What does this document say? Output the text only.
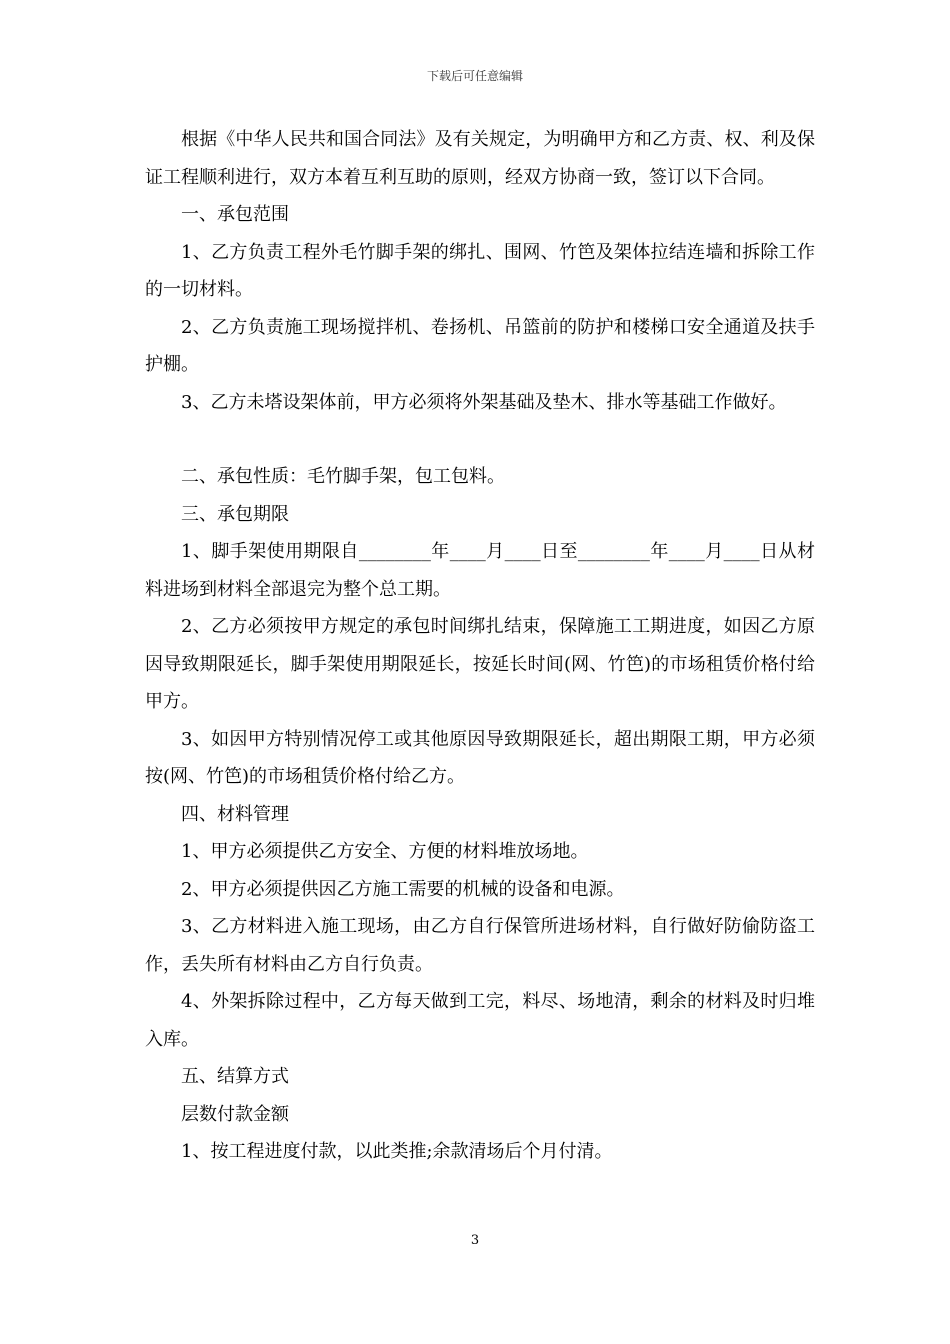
下载后可任意编辑

根据《中华人民共和国合同法》及有关规定，为明确甲方和乙方责、权、利及保证工程顺利进行，双方本着互利互助的原则，经双方协商一致，签订以下合同。

一、承包范围

1、乙方负责工程外毛竹脚手架的绑扎、围网、竹笆及架体拉结连墙和拆除工作的一切材料。

2、乙方负责施工现场搅拌机、卷扬机、吊篮前的防护和楼梯口安全通道及扶手护棚。

3、乙方未塔设架体前，甲方必须将外架基础及垫木、排水等基础工作做好。

二、承包性质：毛竹脚手架，包工包料。

三、承包期限

1、脚手架使用期限自________年____月____日至________年____月____日从材料进场到材料全部退完为整个总工期。

2、乙方必须按甲方规定的承包时间绑扎结束，保障施工工期进度，如因乙方原因导致期限延长，脚手架使用期限延长，按延长时间(网、竹笆)的市场租赁价格付给甲方。

3、如因甲方特别情况停工或其他原因导致期限延长，超出期限工期，甲方必须按(网、竹笆)的市场租赁价格付给乙方。

四、材料管理

1、甲方必须提供乙方安全、方便的材料堆放场地。

2、甲方必须提供因乙方施工需要的机械的设备和电源。

3、乙方材料进入施工现场，由乙方自行保管所进场材料，自行做好防偷防盗工作，丢失所有材料由乙方自行负责。

4、外架拆除过程中，乙方每天做到工完，料尽、场地清，剩余的材料及时归堆入库。

五、结算方式

层数付款金额

1、按工程进度付款，以此类推;余款清场后个月付清。

3
